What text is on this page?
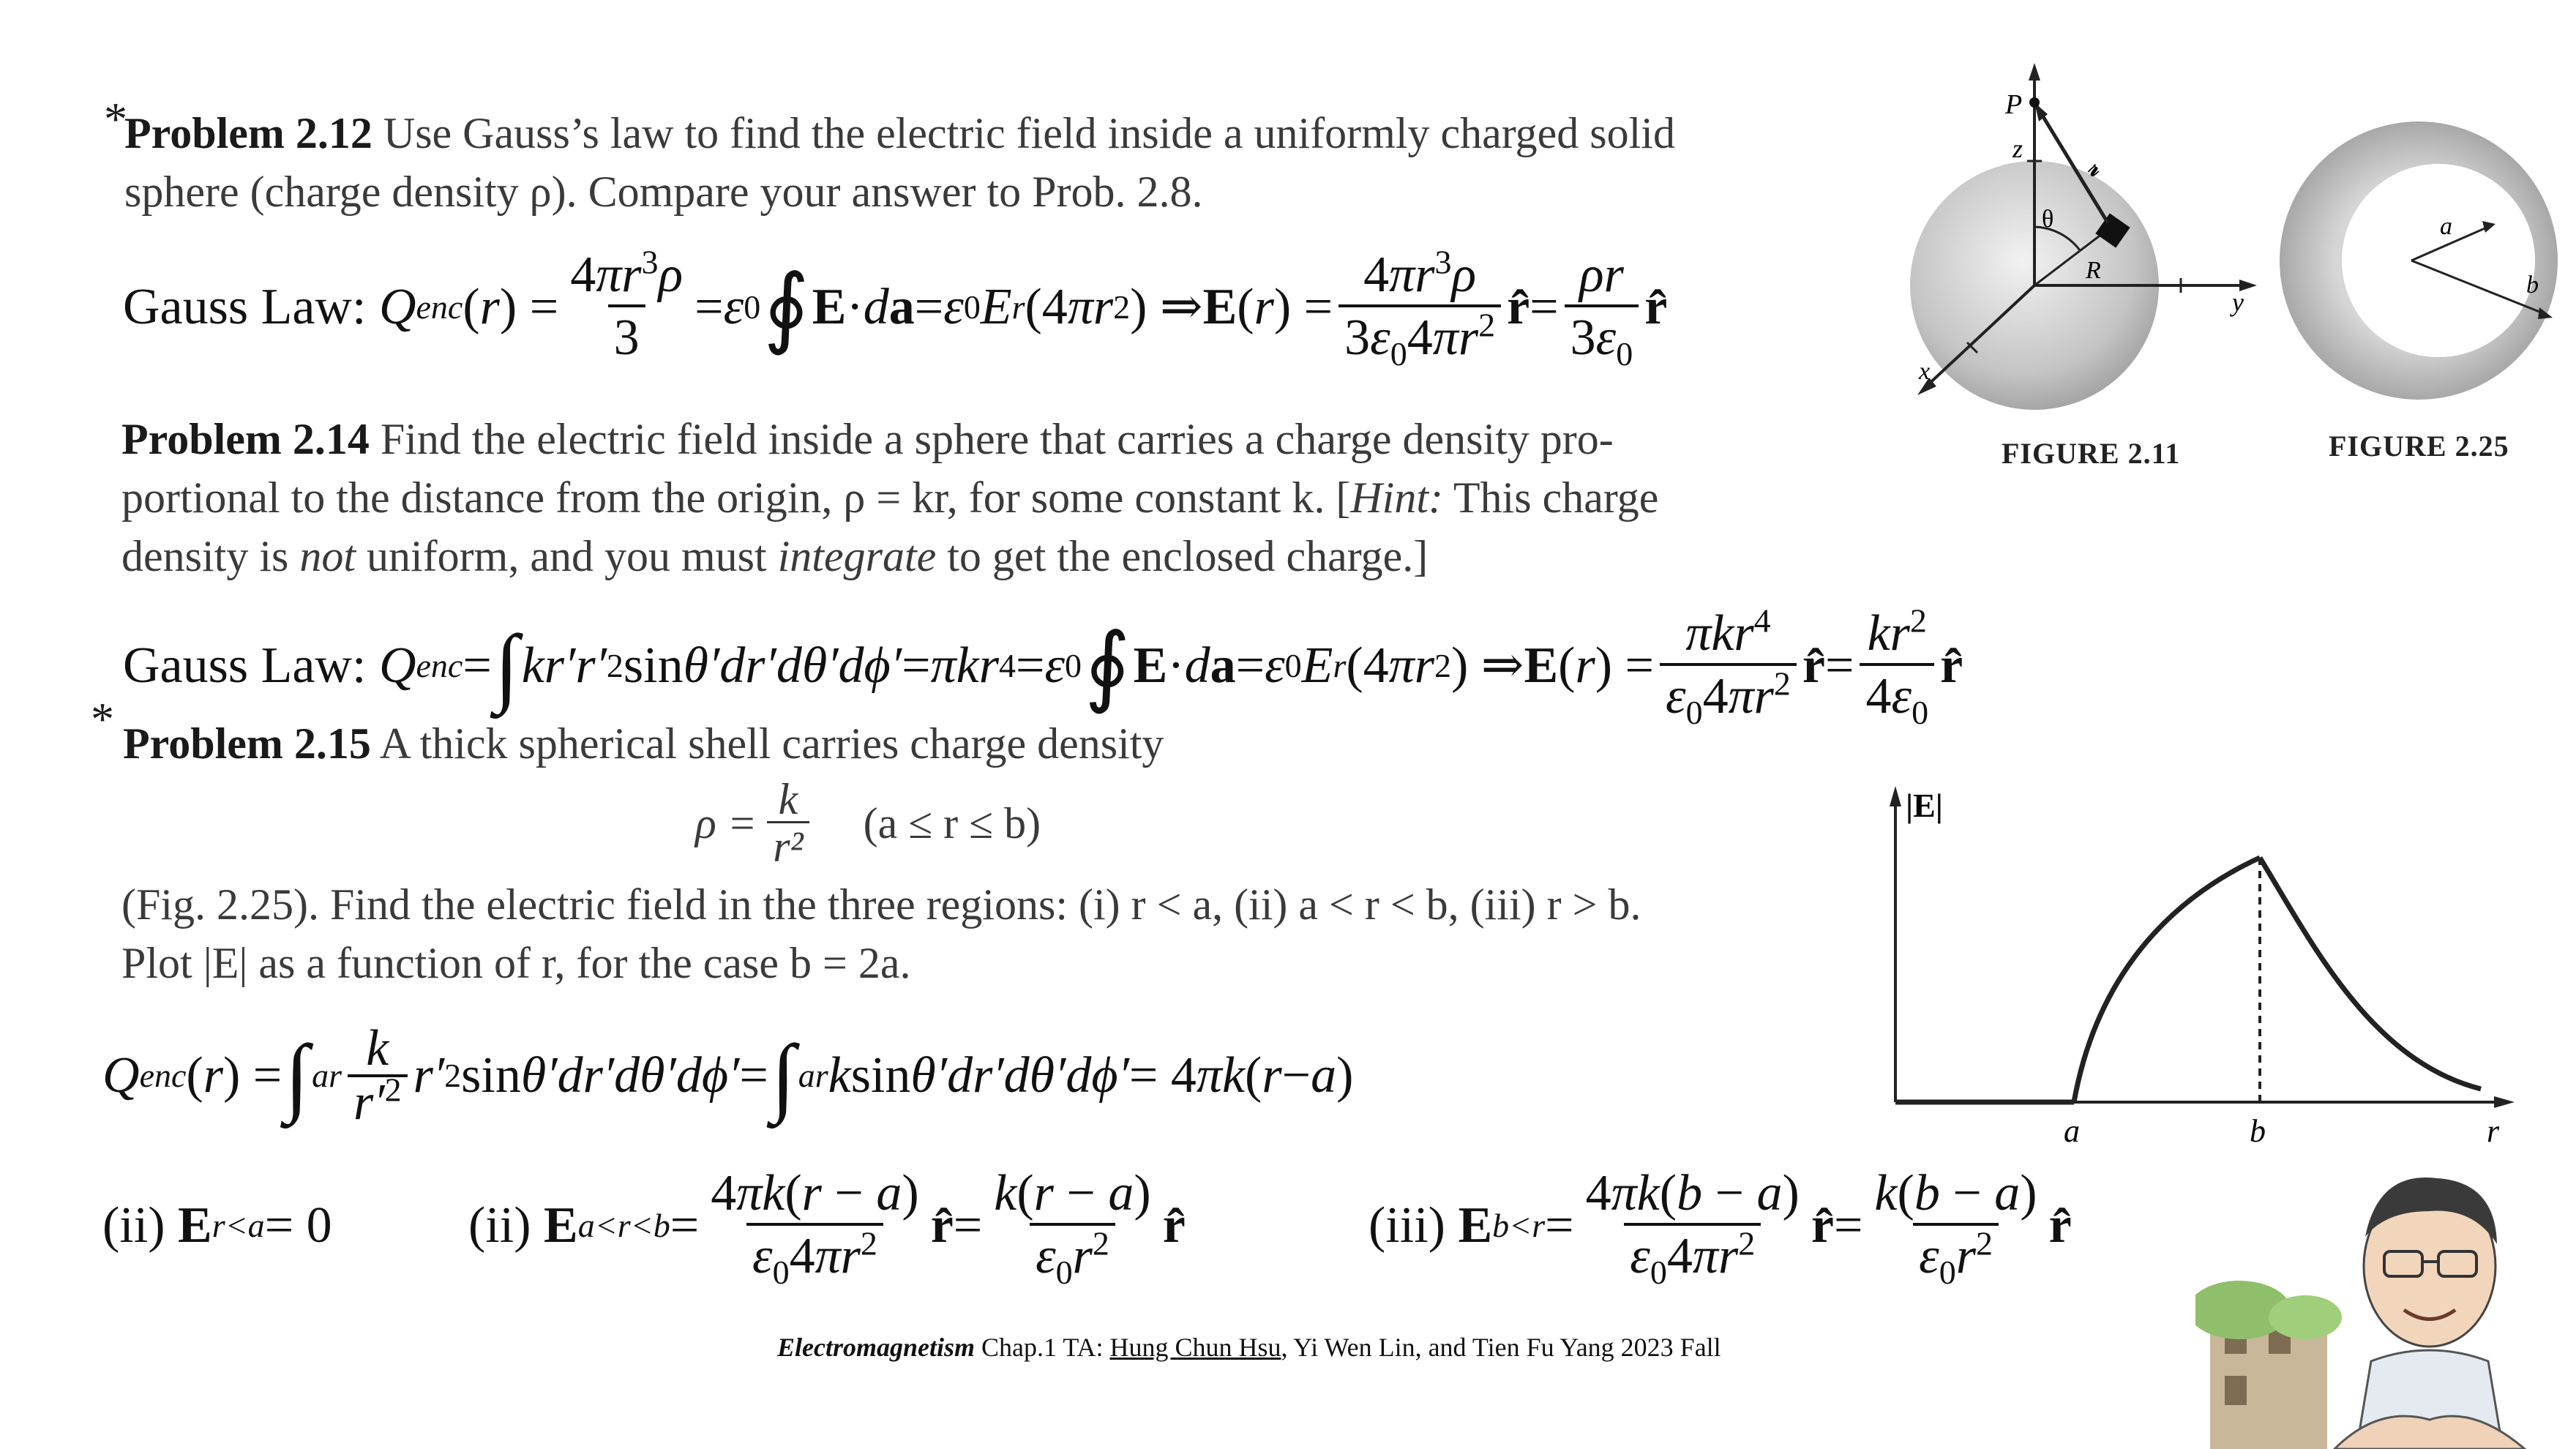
*
Problem 2.12 Use Gauss’s law to find the electric field inside a uniformly charged solid sphere (charge density ρ). Compare your answer to Prob. 2.8.
Gauss Law:
Q enc ( r ) = $\frac{4\pi r^3\rho}{3} = \varepsilon$ 0 ∮ E · d a = ε 0 E r (4 πr 2 ) ⇒ E ( r ) = $\frac{4\pi r^3\rho}{3\varepsilon_04\pi r^2}$ r̂ = $\frac{\rho r}{3\varepsilon_0}$ r̂
Problem 2.14 Find the electric field inside a sphere that carries a charge density pro- portional to the distance from the origin, ρ = kr, for some constant k. [Hint: This charge density is not uniform, and you must integrate to get the enclosed charge.]
Gauss Law:
Q enc = ∫ kr′r′ 2 sin θ′dr′dθ′dϕ′ = πkr 4 = ε 0 ∮ E · d a = ε 0 E r (4 πr 2 ) ⇒ E ( r ) = $\frac{\pi kr^4}{\varepsilon_04\pi r^2}$ r̂ = $\frac{kr^2}{4\varepsilon_0}$ r̂
* Problem 2.15 A thick spherical shell carries charge density
$\rho = \frac{k}{\text{r²}} (a \le r \le b)$
(Fig. 2.25). Find the electric field in the three regions: (i) r < a, (ii) a < r < b, (iii) r > b. Plot |E| as a function of r, for the case b = 2a.
Q enc ( r ) = ∫ a r $\frac{k}{r'^2} r'$ 2 sin θ′dr′dθ′dϕ′ = ∫ a r k sin θ′dr′dθ′dϕ′ = 4 πk ( r − a )
(ii)
E r<a = 0	(ii)
E $a<r<b = \frac{4\pi k(r - a)}{\varepsilon_04\pi r^2}$ r̂ = $\frac{k(r - a)}{\varepsilon_0r^2}$ r̂	(iii)
E $b<r = \frac{4\pi k(b - a)}{\varepsilon_04\pi r^2}$ r̂ = $\frac{k(b - a)}{\varepsilon_0r^2}$ r̂
P
z
𝓇
θ
R
y
x
FIGURE 2.11
a
b
FIGURE 2.25
|E|
a	b	r
Electromagnetism Chap.1 TA: Hung Chun Hsu, Yi Wen Lin, and Tien Fu Yang 2023 Fall
